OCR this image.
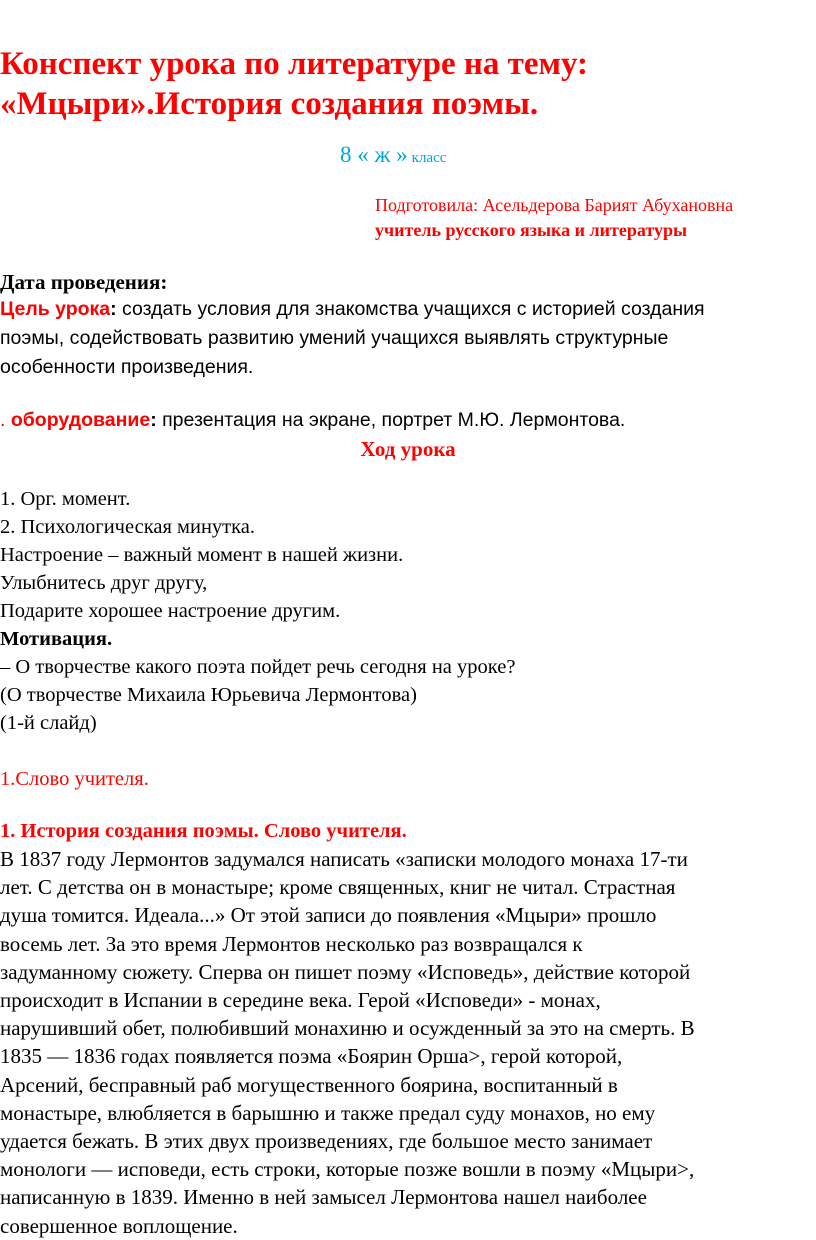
Конспект урока по литературе на тему:
«Мцыри».История создания поэмы.
8 « ж » класс
Подготовила: Асельдерова Барият Абухановна
учитель русского языка и литературы
Дата проведения:
Цель урока: создать условия для знакомства учащихся с историей создания
поэмы, содействовать развитию умений учащихся выявлять структурные
особенности произведения.
. оборудование: презентация на экране, портрет М.Ю. Лермонтова.
Ход урока
1. Орг. момент.
2. Психологическая минутка.
Настроение – важный момент в нашей жизни.
Улыбнитесь друг другу,
Подарите хорошее настроение другим.
Мотивация.
– О творчестве какого поэта пойдет речь сегодня на уроке?
(О творчестве Михаила Юрьевича Лермонтова)
(1-й слайд)
1.Слово учителя.
1. История создания поэмы. Слово учителя.
В 1837 году Лермонтов задумался написать «записки молодого монаха 17-ти
лет. С детства он в монастыре; кроме священных, книг не читал. Страстная
душа томится. Идеала...» От этой записи до появления «Мцыри» прошло
восемь лет. За это время Лермонтов несколько раз возвращался к
задуманному сюжету. Сперва он пишет поэму «Исповедь», действие которой
происходит в Испании в середине века. Герой «Исповеди» - монах,
нарушивший обет, полюбивший монахиню и осужденный за это на смерть. В
1835 — 1836 годах появляется поэма «Боярин Орша>, герой которой,
Арсений, бесправный раб могущественного боярина, воспитанный в
монастыре, влюбляется в барышню и также предал суду монахов, но ему
удается бежать. В этих двух произведениях, где большое место занимает
монологи — исповеди, есть строки, которые позже вошли в поэму «Мцыри>,
написанную в 1839. Именно в ней замысел Лермонтова нашел наиболее
совершенное воплощение.
